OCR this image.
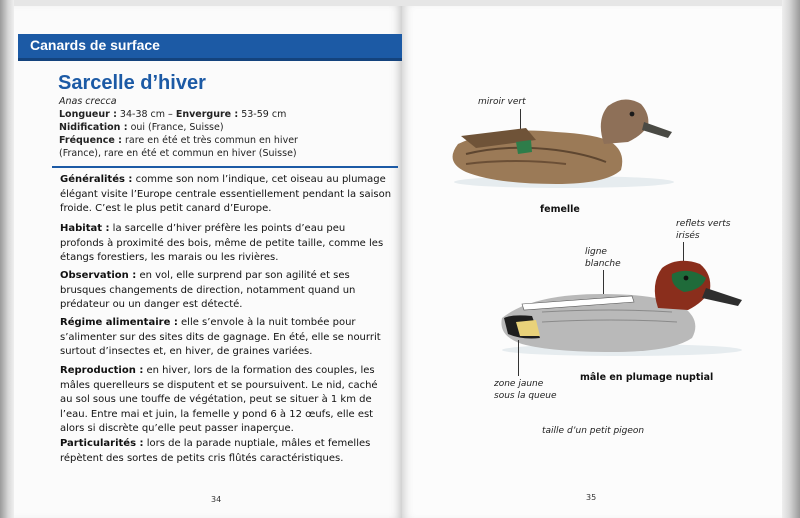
Canards de surface
Sarcelle d’hiver
Anas crecca
Longueur : 34-38 cm – Envergure : 53-59 cm
Nidification : oui (France, Suisse)
Fréquence : rare en été et très commun en hiver (France), rare en été et commun en hiver (Suisse)
Généralités : comme son nom l’indique, cet oiseau au plumage élégant visite l’Europe centrale essentiellement pendant la saison froide. C’est le plus petit canard d’Europe.
Habitat : la sarcelle d’hiver préfère les points d’eau peu profonds à proximité des bois, même de petite taille, comme les étangs forestiers, les marais ou les rivières.
Observation : en vol, elle surprend par son agilité et ses brusques changements de direction, notamment quand un prédateur ou un danger est détecté.
Régime alimentaire : elle s’envole à la nuit tombée pour s’alimenter sur des sites dits de gagnage. En été, elle se nourrit surtout d’insectes et, en hiver, de graines variées.
Reproduction : en hiver, lors de la formation des couples, les mâles querelleurs se disputent et se poursuivent. Le nid, caché au sol sous une touffe de végétation, peut se situer à 1 km de l’eau. Entre mai et juin, la femelle y pond 6 à 12 œufs, elle est alors si discrète qu’elle peut passer inaperçue.
Particularités : lors de la parade nuptiale, mâles et femelles répètent des sortes de petits cris flûtés caractéristiques.
34
miroir vert
femelle
reflets verts irisés
ligne blanche
zone jaune sous la queue
mâle en plumage nuptial
taille d’un petit pigeon
35
